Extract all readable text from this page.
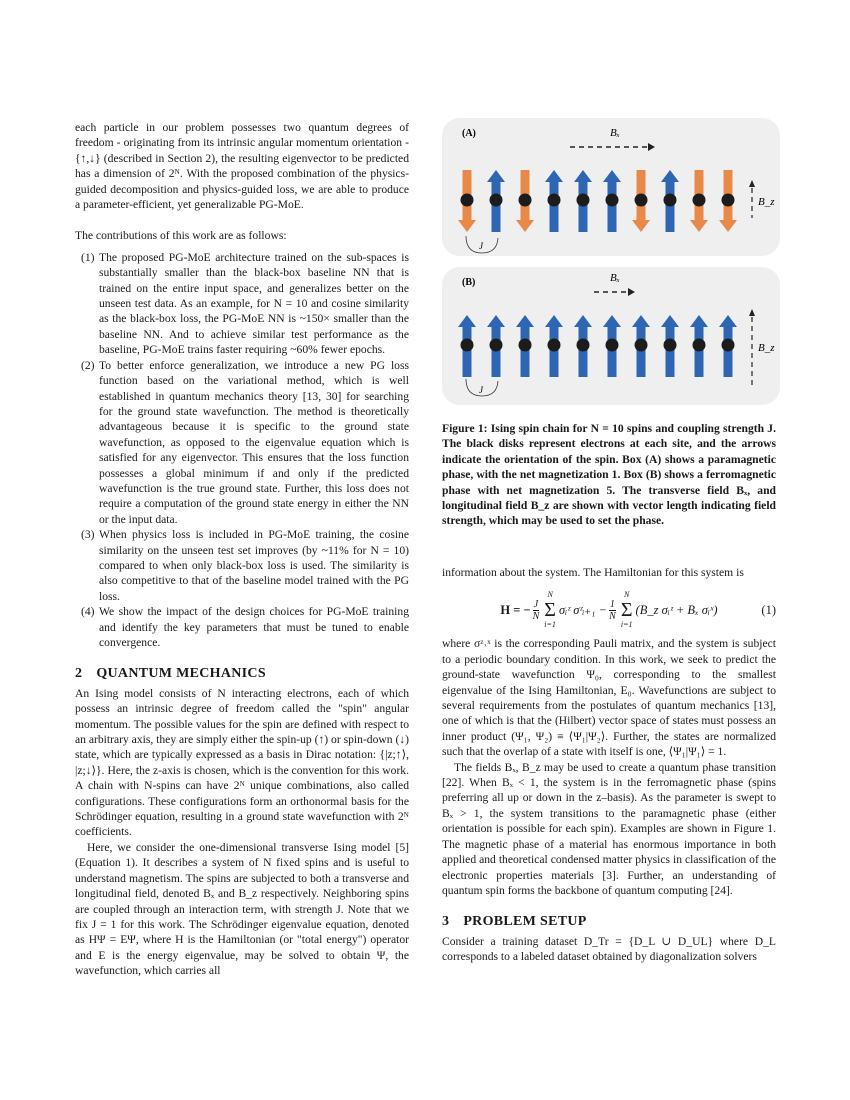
each particle in our problem possesses two quantum degrees of freedom - originating from its intrinsic angular momentum orientation - {↑,↓} (described in Section 2), the resulting eigenvector to be predicted has a dimension of 2ᴺ. With the proposed combination of the physics-guided decomposition and physics-guided loss, we are able to produce a parameter-efficient, yet generalizable PG-MoE.

The contributions of this work are as follows:

(1) The proposed PG-MoE architecture trained on the sub-spaces is substantially smaller than the black-box baseline NN that is trained on the entire input space, and generalizes better on the unseen test data. As an example, for N = 10 and cosine similarity as the black-box loss, the PG-MoE NN is ~150× smaller than the baseline NN. And to achieve similar test performance as the baseline, PG-MoE trains faster requiring ~60% fewer epochs.
(2) To better enforce generalization, we introduce a new PG loss function based on the variational method, which is well established in quantum mechanics theory [13, 30] for searching for the ground state wavefunction. The method is theoretically advantageous because it is specific to the ground state wavefunction, as opposed to the eigenvalue equation which is satisfied for any eigenvector. This ensures that the loss function possesses a global minimum if and only if the predicted wavefunction is the true ground state. Further, this loss does not require a computation of the ground state energy in either the NN or the input data.
(3) When physics loss is included in PG-MoE training, the cosine similarity on the unseen test set improves (by ~11% for N = 10) compared to when only black-box loss is used. The similarity is also competitive to that of the baseline model trained with the PG loss.
(4) We show the impact of the design choices for PG-MoE training and identify the key parameters that must be tuned to enable convergence.
2 QUANTUM MECHANICS

An Ising model consists of N interacting electrons, each of which possess an intrinsic degree of freedom called the "spin" angular momentum. The possible values for the spin are defined with respect to an arbitrary axis, they are simply either the spin-up (↑) or spin-down (↓) state, which are typically expressed as a basis in Dirac notation: {|z;↑⟩, |z;↓⟩}. Here, the z-axis is chosen, which is the convention for this work. A chain with N-spins can have 2ᴺ unique combinations, also called configurations. These configurations form an orthonormal basis for the Schrödinger equation, resulting in a ground state wavefunction with 2ᴺ coefficients.

Here, we consider the one-dimensional transverse Ising model [5] (Equation 1). It describes a system of N fixed spins and is useful to understand magnetism. The spins are subjected to both a transverse and longitudinal field, denoted Bₓ and B_z respectively. Neighboring spins are coupled through an interaction term, with strength J. Note that we fix J = 1 for this work. The Schrödinger eigenvalue equation, denoted as HΨ = EΨ, where H is the Hamiltonian (or "total energy") operator and E is the energy eigenvalue, may be solved to obtain Ψ, the wavefunction, which carries all

(A)	Bₓ
B_z
J

(B)	Bₓ
B_z
J
Figure 1: Ising spin chain for N = 10 spins and coupling strength J. The black disks represent electrons at each site, and the arrows indicate the orientation of the spin. Box (A) shows a paramagnetic phase, with the net magnetization 1. Box (B) shows a ferromagnetic phase with net magnetization 5. The transverse field Bₓ, and longitudinal field B_z are shown with vector length indicating field strength, which may be used to set the phase.

information about the system. The Hamiltonian for this system is

H = − $\frac{J}{N}$
N
Σ
i=1
σᵢᶻ σᶻᵢ₊₁ − $\frac{1}{N}$
N
Σ
i=1
(B_z σᵢᶻ + Bₓ σᵢˣ)	(1)

where σᶻ˒ˣ is the corresponding Pauli matrix, and the system is subject to a periodic boundary condition. In this work, we seek to predict the ground-state wavefunction Ψ₀, corresponding to the smallest eigenvalue of the Ising Hamiltonian, E₀. Wavefunctions are subject to several requirements from the postulates of quantum mechanics [13], one of which is that the (Hilbert) vector space of states must possess an inner product (Ψ₁, Ψ₂) ≡ ⟨Ψ₁|Ψ₂⟩. Further, the states are normalized such that the overlap of a state with itself is one, ⟨Ψ₁|Ψ₁⟩ = 1.

The fields Bₓ, B_z may be used to create a quantum phase transition [22]. When Bₓ < 1, the system is in the ferromagnetic phase (spins preferring all up or down in the z–basis). As the parameter is swept to Bₓ > 1, the system transitions to the paramagnetic phase (either orientation is possible for each spin). Examples are shown in Figure 1. The magnetic phase of a material has enormous importance in both applied and theoretical condensed matter physics in classification of the electronic properties materials [3]. Further, an understanding of quantum spin forms the backbone of quantum computing [24].

3 PROBLEM SETUP

Consider a training dataset D_Tr = {D_L ∪ D_UL} where D_L corresponds to a labeled dataset obtained by diagonalization solvers
